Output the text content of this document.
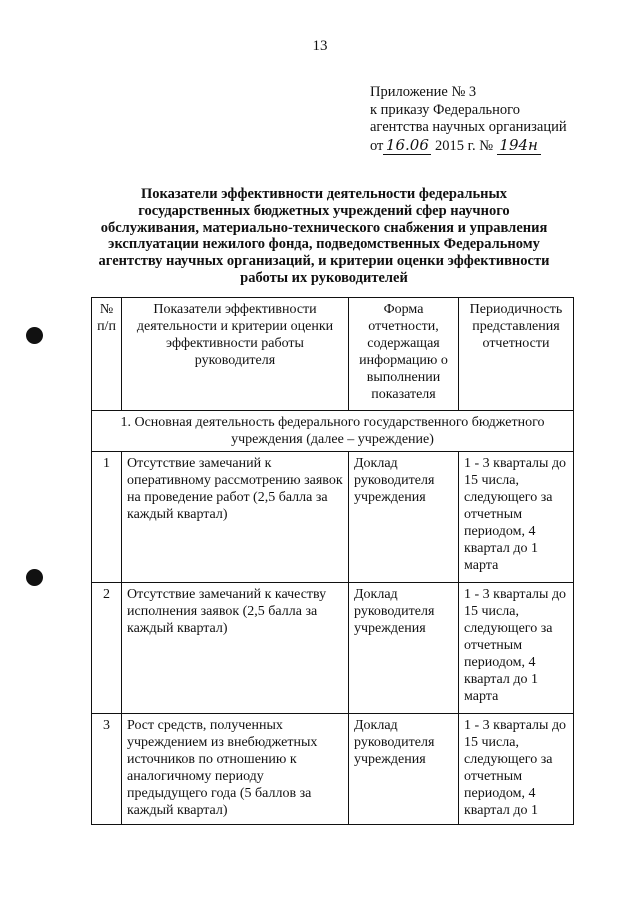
13
Приложение № 3
к приказу Федерального
агентства научных организаций
от 16.06 2015 г. № 194н
Показатели эффективности деятельности федеральных государственных бюджетных учреждений сфер научного обслуживания, материально-технического снабжения и управления эксплуатации нежилого фонда, подведомственных Федеральному агентству научных организаций, и критерии оценки эффективности работы их руководителей
№ п/п	Показатели эффективности деятельности и критерии оценки эффективности работы руководителя	Форма отчетности, содержащая информацию о выполнении показателя	Периодичность представления отчетности
1. Основная деятельность федерального государственного бюджетного учреждения (далее – учреждение)			
1	Отсутствие замечаний к оперативному рассмотрению заявок на проведение работ (2,5 балла за каждый квартал)	Доклад руководителя учреждения	1 - 3 кварталы до 15 числа, следующего за отчетным периодом, 4 квартал до 1 марта
2	Отсутствие замечаний к качеству исполнения заявок (2,5 балла за каждый квартал)	Доклад руководителя учреждения	1 - 3 кварталы до 15 числа, следующего за отчетным периодом, 4 квартал до 1 марта
3	Рост средств, полученных учреждением из внебюджетных источников по отношению к аналогичному периоду предыдущего года (5 баллов за каждый квартал)	Доклад руководителя учреждения	1 - 3 кварталы до 15 числа, следующего за отчетным периодом, 4 квартал до 1
